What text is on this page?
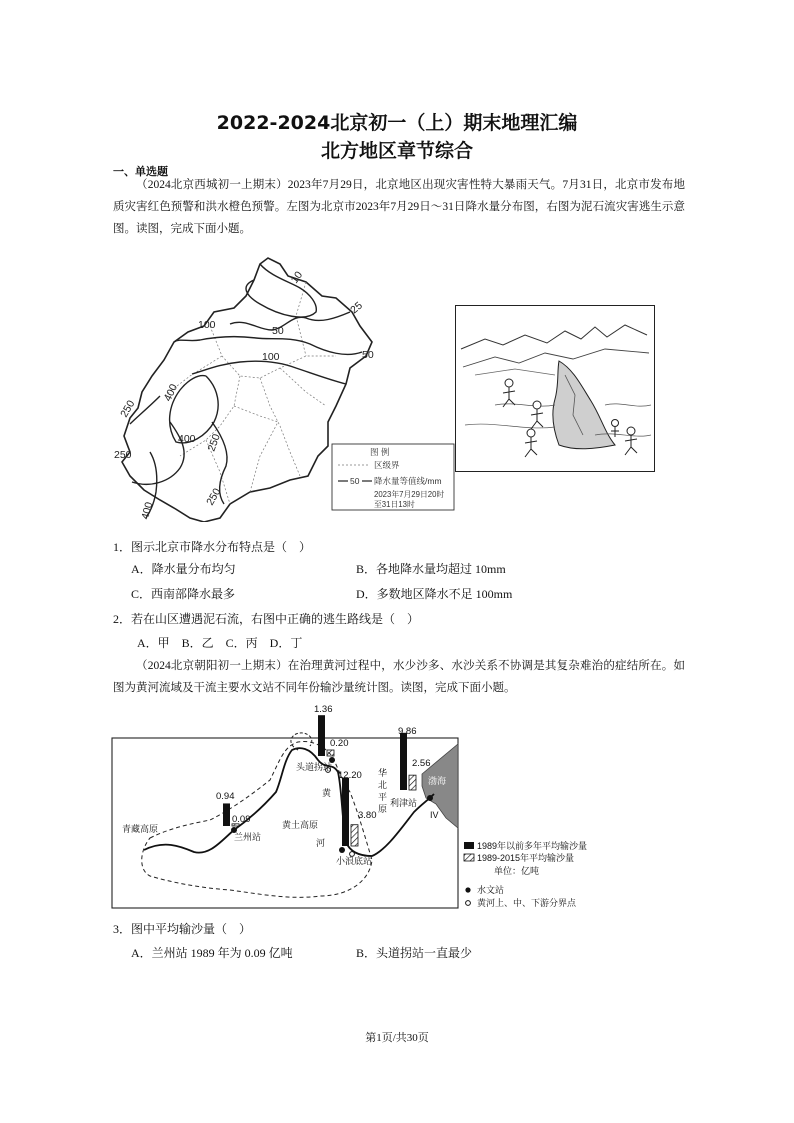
2022-2024北京初一（上）期末地理汇编
北方地区章节综合
一、单选题
（2024北京西城初一上期末）2023年7月29日，北京地区出现灾害性特大暴雨天气。7月31日，北京市发布地质灾害红色预警和洪水橙色预警。左图为北京市2023年7月29日～31日降水量分布图，右图为泥石流灾害逃生示意图。读图，完成下面小题。
10
25
50
50
100
100
250
250
250
250
400
400
400
图 例
区级界
50 降水量等值线/mm
2023年7月29日20时
至31日13时
1．图示北京市降水分布特点是（　）
A．降水量分布均匀	B．各地降水量均超过 10mm
C．西南部降水最多	D．多数地区降水不足 100mm
2．若在山区遭遇泥石流，右图中正确的逃生路线是（　）
A．甲　B．乙　C．丙　D．丁
（2024北京朝阳初一上期末）在治理黄河过程中，水少沙多、水沙关系不协调是其复杂难治的症结所在。如图为黄河流域及干流主要水文站不同年份输沙量统计图。读图，完成下面小题。
0.94
0.09
1.36
0.20
12.20
3.80
9.86
2.56
兰州站
头道拐站
小浪底站
利津站
青藏高原	黄土高原
黄
河
华
北
平
原
渤海
IV
1989年以前多年平均输沙量
1989-2015年平均输沙量
单位：亿吨
水文站
黄河上、中、下游分界点
3．图中平均输沙量（　）
A．兰州站 1989 年为 0.09 亿吨	B．头道拐站一直最少
第1页/共30页
